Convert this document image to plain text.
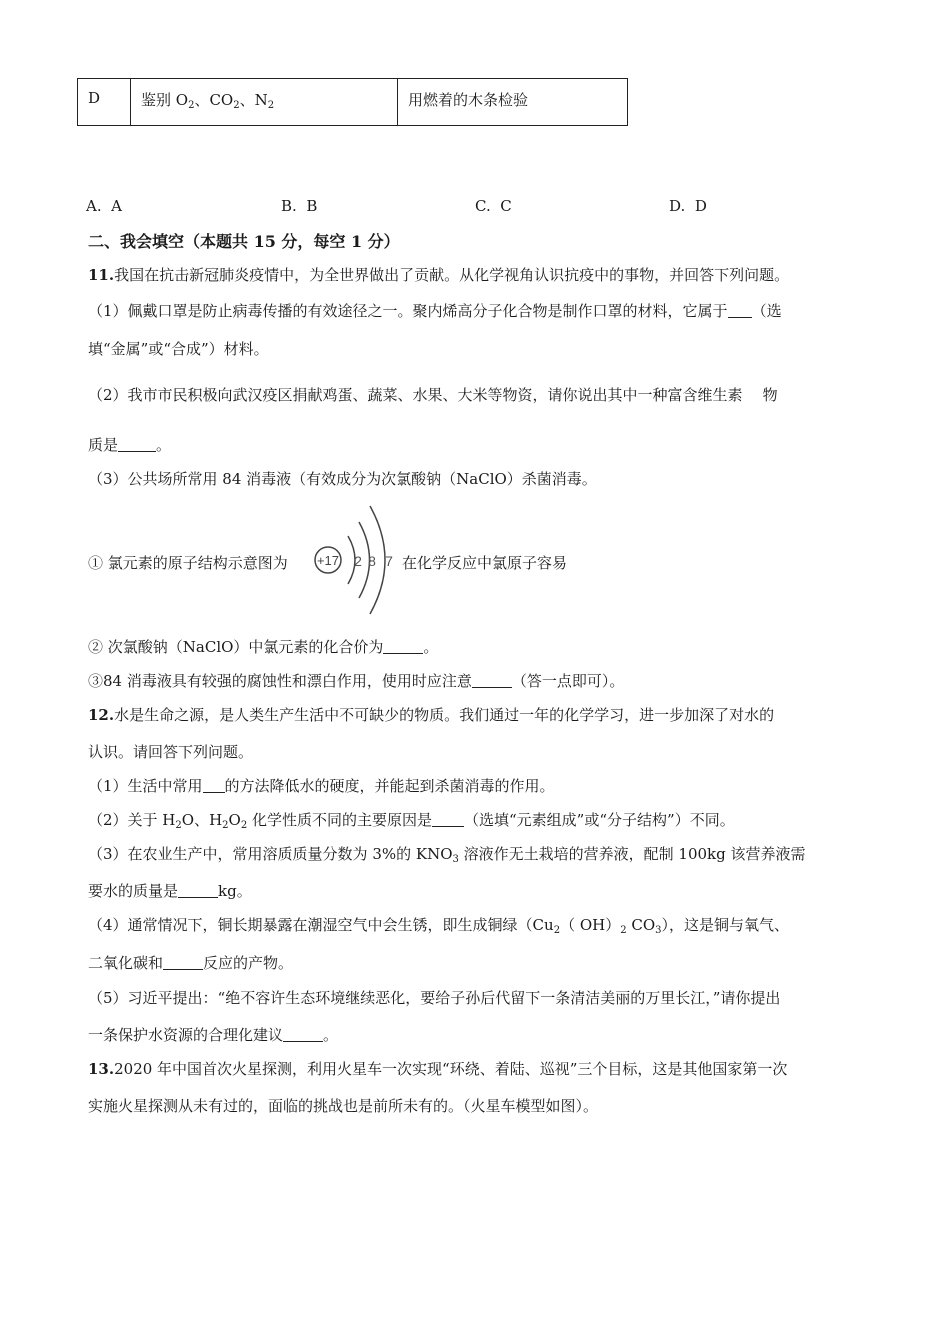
D	鉴别 $O_2$、$CO_2$、$N_2$	用燃着的木条检验
A. A	B. B	C. C	D. D
二、我会填空（本题共 15 分，每空 1 分）
11.我国在抗击新冠肺炎疫情中，为全世界做出了贡献。从化学视角认识抗疫中的事物，并回答下列问题。
（1）佩戴口罩是防止病毒传播的有效途径之一。聚内烯高分子化合物是制作口罩的材料，它属于 （选
填“金属”或“合成”）材料。
（2）我市市民积极向武汉疫区捐献鸡蛋、蔬菜、水果、大米等物资，请你说出其中一种富含维生素 物
质是	。
（3）公共场所常用 84 消毒液（有效成分为次氯酸钠（NaClO）杀菌消毒。
① 氯元素的原子结构示意图为 +17 2 8 7 在化学反应中氯原子容易
② 次氯酸钠（NaClO）中氯元素的化合价为	。
③84 消毒液具有较强的腐蚀性和漂白作用，使用时应注意	（答一点即可）。
12.水是生命之源，是人类生产生活中不可缺少的物质。我们通过一年的化学学习，进一步加深了对水的
认识。请回答下列问题。
（1）生活中常用 的方法降低水的硬度，并能起到杀菌消毒的作用。
（2）关于 $H_2O$、$H_2O_2$ 化学性质不同的主要原因是 （选填“元素组成”或“分子结构”）不同。
（3）在农业生产中，常用溶质质量分数为 3%的 $KNO_3$ 溶液作无土栽培的营养液，配制 100kg 该营养液需
要水的质量是	kg。
（4）通常情况下，铜长期暴露在潮湿空气中会生锈，即生成铜绿（$Cu_2$（ $OH)_2$ $CO_3$），这是铜与氧气、
二氧化碳和	反应的产物。
（5）习近平提出：“绝不容许生态环境继续恶化，要给子孙后代留下一条清洁美丽的万里长江，”请你提出
一条保护水资源的合理化建议	。
13.2020 年中国首次火星探测，利用火星车一次实现“环绕、着陆、巡视”三个目标，这是其他国家第一次
实施火星探测从未有过的，面临的挑战也是前所未有的。（火星车模型如图）。
